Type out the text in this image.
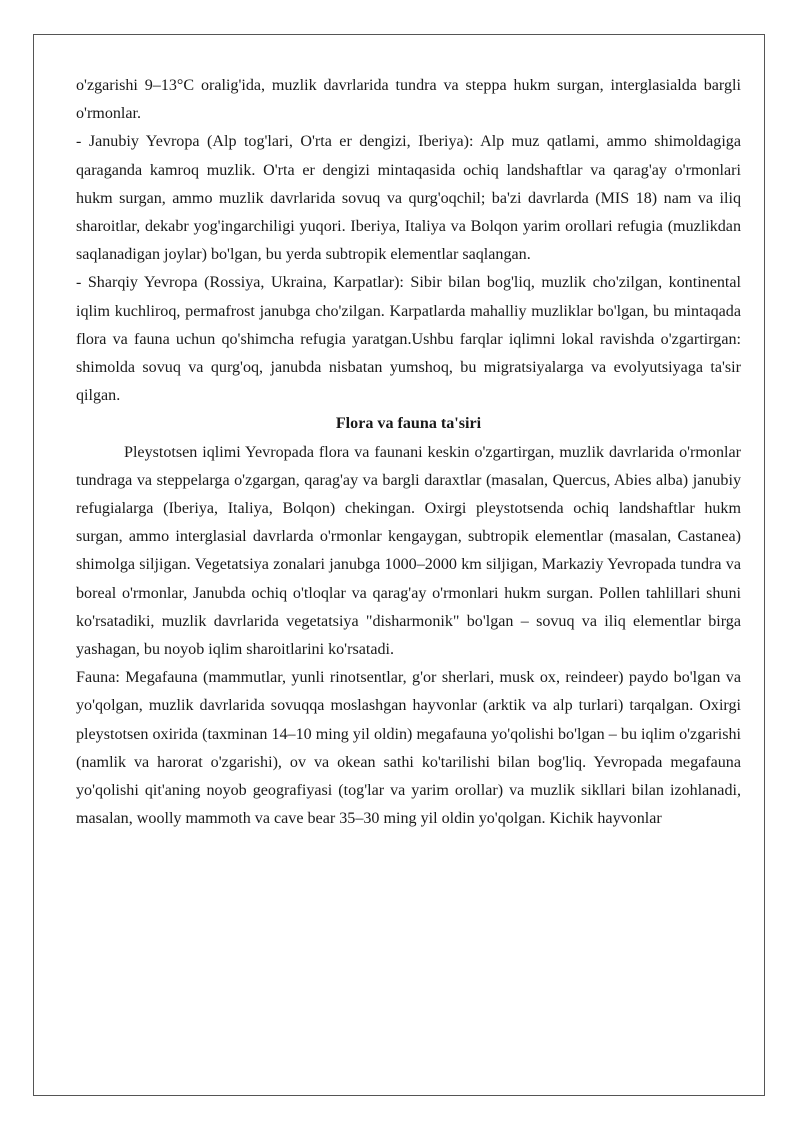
o'zgarishi 9–13°C oralig'ida, muzlik davrlarida tundra va steppa hukm surgan, interglasialda bargli o'rmonlar.

- Janubiy Yevropa (Alp tog'lari, O'rta er dengizi, Iberiya): Alp muz qatlami, ammo shimoldagiga qaraganda kamroq muzlik. O'rta er dengizi mintaqasida ochiq landshaftlar va qarag'ay o'rmonlari hukm surgan, ammo muzlik davrlarida sovuq va qurg'oqchil; ba'zi davrlarda (MIS 18) nam va iliq sharoitlar, dekabr yog'ingarchiligi yuqori. Iberiya, Italiya va Bolqon yarim orollari refugia (muzlikdan saqlanadigan joylar) bo'lgan, bu yerda subtropik elementlar saqlangan.

- Sharqiy Yevropa (Rossiya, Ukraina, Karpatlar): Sibir bilan bog'liq, muzlik cho'zilgan, kontinental iqlim kuchliroq, permafrost janubga cho'zilgan. Karpatlarda mahalliy muzliklar bo'lgan, bu mintaqada flora va fauna uchun qo'shimcha refugia yaratgan.Ushbu farqlar iqlimni lokal ravishda o'zgartirgan: shimolda sovuq va qurg'oq, janubda nisbatan yumshoq, bu migratsiyalarga va evolyutsiyaga ta'sir qilgan.

Flora va fauna ta'siri

Pleystotsen iqlimi Yevropada flora va faunani keskin o'zgartirgan, muzlik davrlarida o'rmonlar tundraga va steppelarga o'zgargan, qarag'ay va bargli daraxtlar (masalan, Quercus, Abies alba) janubiy refugialarga (Iberiya, Italiya, Bolqon) chekingan. Oxirgi pleystotsenda ochiq landshaftlar hukm surgan, ammo interglasial davrlarda o'rmonlar kengaygan, subtropik elementlar (masalan, Castanea) shimolga siljigan. Vegetatsiya zonalari janubga 1000–2000 km siljigan, Markaziy Yevropada tundra va boreal o'rmonlar, Janubda ochiq o'tloqlar va qarag'ay o'rmonlari hukm surgan. Pollen tahlillari shuni ko'rsatadiki, muzlik davrlarida vegetatsiya "disharmonik" bo'lgan – sovuq va iliq elementlar birga yashagan, bu noyob iqlim sharoitlarini ko'rsatadi.

Fauna: Megafauna (mammutlar, yunli rinotsentlar, g'or sherlari, musk ox, reindeer) paydo bo'lgan va yo'qolgan, muzlik davrlarida sovuqqa moslashgan hayvonlar (arktik va alp turlari) tarqalgan. Oxirgi pleystotsen oxirida (taxminan 14–10 ming yil oldin) megafauna yo'qolishi bo'lgan – bu iqlim o'zgarishi (namlik va harorat o'zgarishi), ov va okean sathi ko'tarilishi bilan bog'liq. Yevropada megafauna yo'qolishi qit'aning noyob geografiyasi (tog'lar va yarim orollar) va muzlik sikllari bilan izohlanadi, masalan, woolly mammoth va cave bear 35–30 ming yil oldin yo'qolgan. Kichik hayvonlar
